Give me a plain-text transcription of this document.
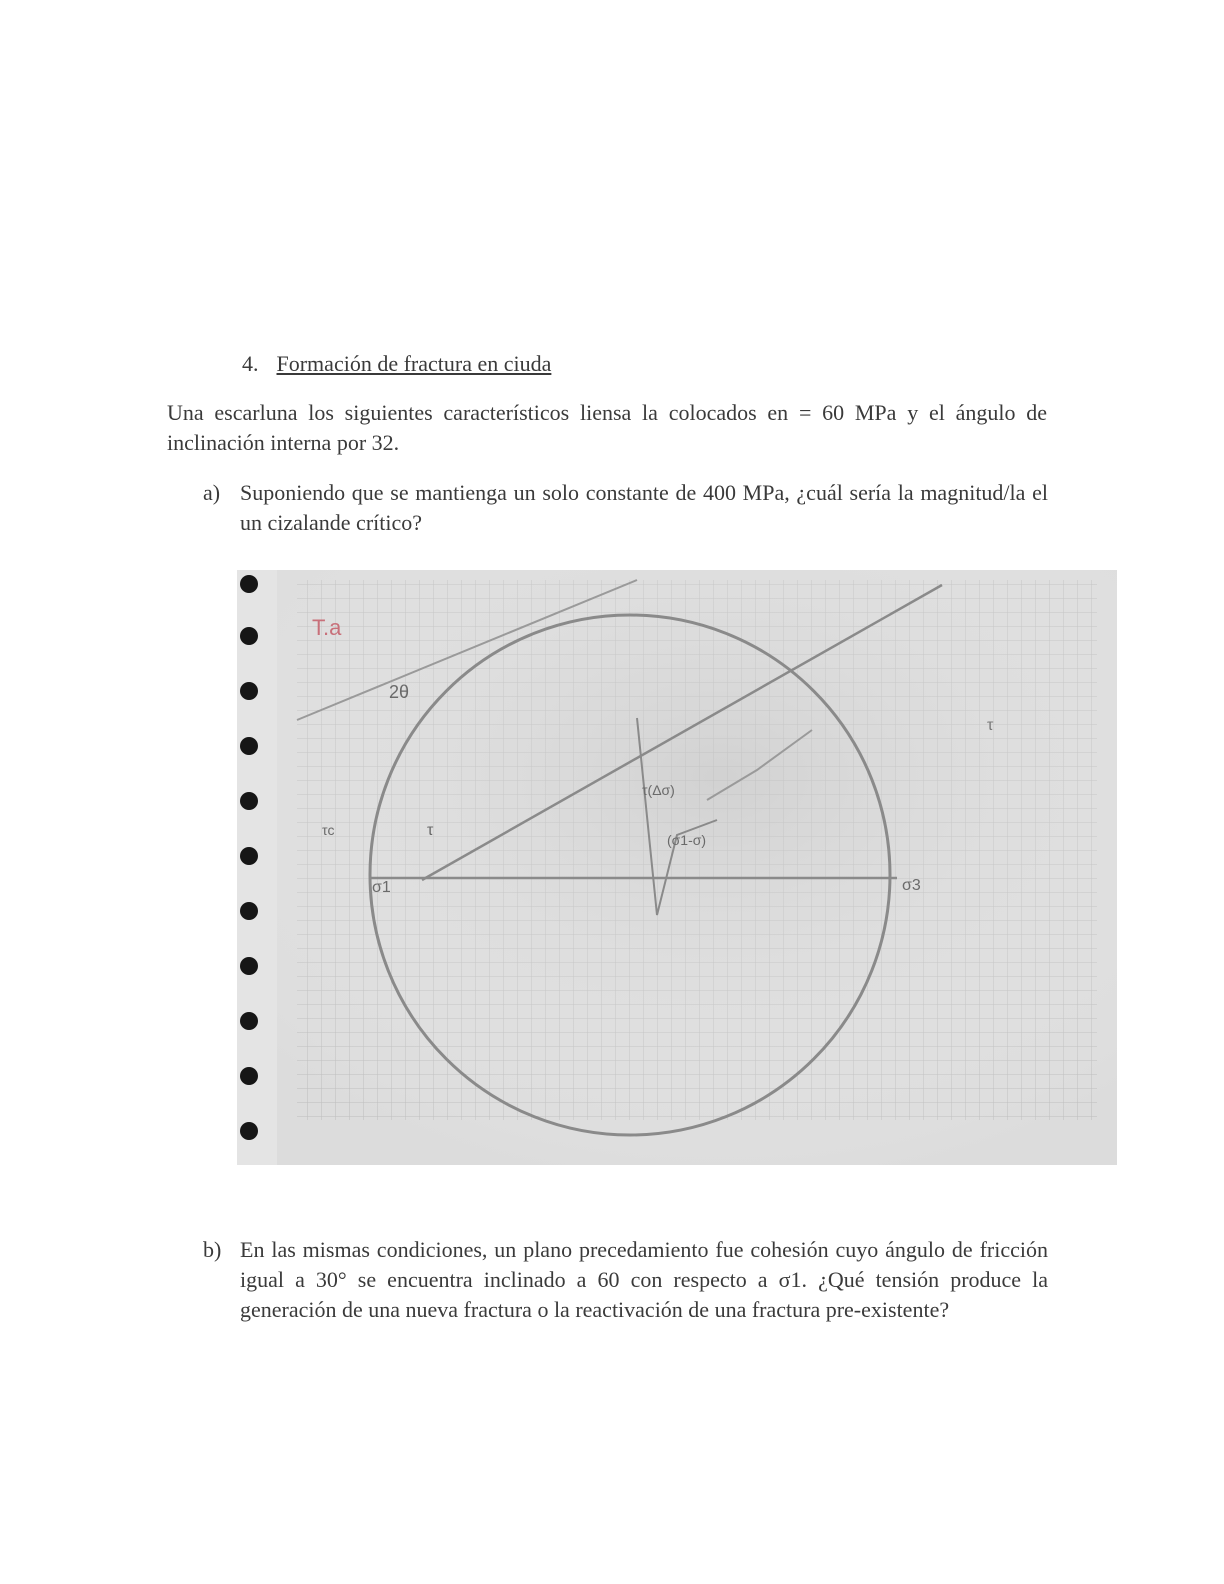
4. Formación de fractura en ciuda
Una escarluna los siguientes característicos liensa la colocados en = 60 MPa y el ángulo de inclinación interna por 32.
a) Suponiendo que se mantienga un solo constante de 400 MPa, ¿cuál sería la magnitud/la el un cizalande crítico?
T.a
2θ
τ
σ1
τ(Δσ)
σ3
(σ1-σ)
τ
τc
b) En las mismas condiciones, un plano precedamiento fue cohesión cuyo ángulo de fricción igual a 30° se encuentra inclinado a 60 con respecto a σ1. ¿Qué tensión produce la generación de una nueva fractura o la reactivación de una fractura pre-existente?
